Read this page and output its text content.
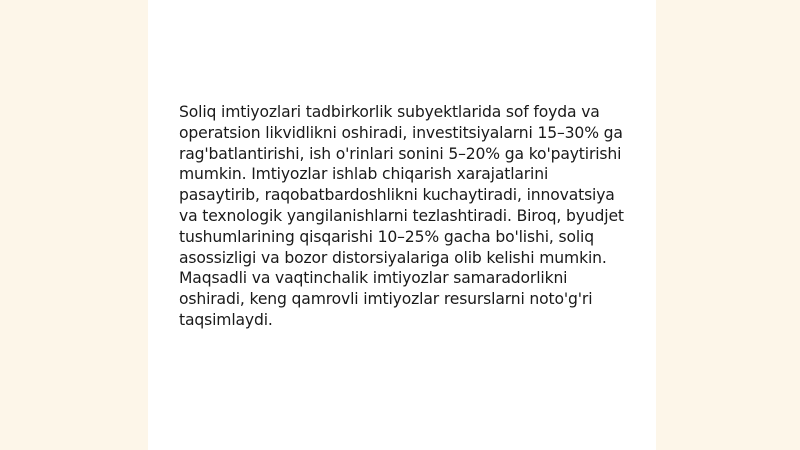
Soliq imtiyozlari tadbirkorlik subyektlarida sof foyda va operatsion likvidlikni oshiradi, investitsiyalarni 15–30% ga rag'batlantirishi, ish o'rinlari sonini 5–20% ga ko'paytirishi mumkin. Imtiyozlar ishlab chiqarish xarajatlarini pasaytirib, raqobatbardoshlikni kuchaytiradi, innovatsiya va texnologik yangilanishlarni tezlashtiradi. Biroq, byudjet tushumlarining qisqarishi 10–25% gacha bo'lishi, soliq asossizligi va bozor distorsiyalariga olib kelishi mumkin. Maqsadli va vaqtinchalik imtiyozlar samaradorlikni oshiradi, keng qamrovli imtiyozlar resurslarni noto'g'ri taqsimlaydi.
